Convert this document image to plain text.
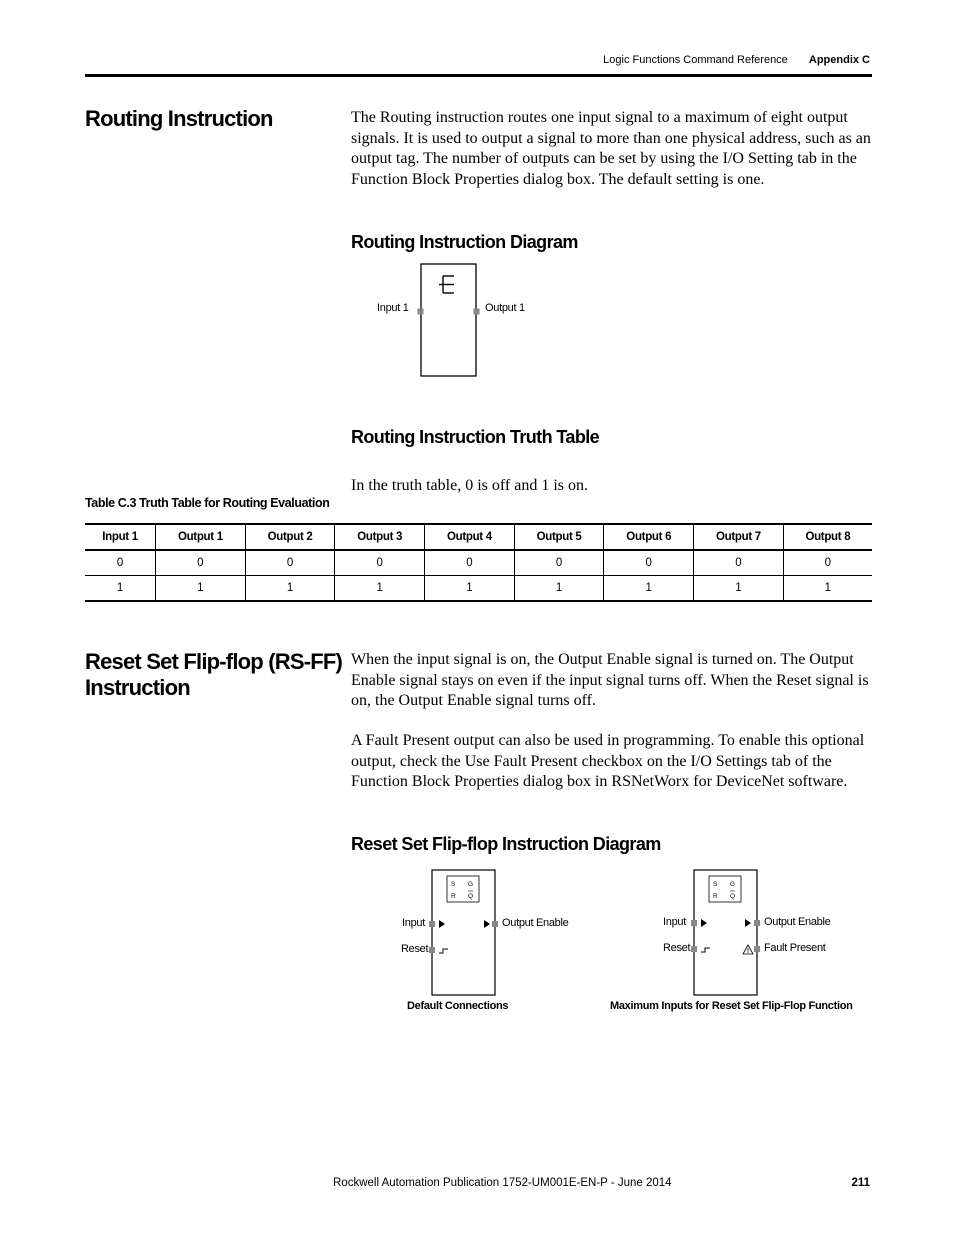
Logic Functions Command Reference Appendix C
Routing Instruction	The Routing instruction routes one input signal to a maximum of eight output signals. It is used to output a signal to more than one physical address, such as an output tag. The number of outputs can be set by using the I/O Setting tab in the Function Block Properties dialog box. The default setting is one.
Routing Instruction Diagram
Input 1	Output 1
Routing Instruction Truth Table
In the truth table, 0 is off and 1 is on.
Table C.3 Truth Table for Routing Evaluation
Input 1	Output 1	Output 2	Output 3	Output 4	Output 5	Output 6	Output 7	Output 8
0	0	0	0	0	0	0	0	0
1	1	1	1	1	1	1	1	1
Reset Set Flip-flop (RS-FF)
Instruction
When the input signal is on, the Output Enable signal is turned on. The Output Enable signal stays on even if the input signal turns off. When the Reset signal is on, the Output Enable signal turns off.
A Fault Present output can also be used in programming. To enable this optional output, check the Use Fault Present checkbox on the I/O Settings tab of the Function Block Properties dialog box in RSNetWorx for DeviceNet software.
Reset Set Flip-flop Instruction Diagram
S G
R Q
Input
Reset
Output Enable
Default Connections
S G
R Q
Input
Reset
Output Enable
Fault Present
Maximum Inputs for Reset Set Flip-Flop Function
Rockwell Automation Publication 1752-UM001E-EN-P - June 2014	211
